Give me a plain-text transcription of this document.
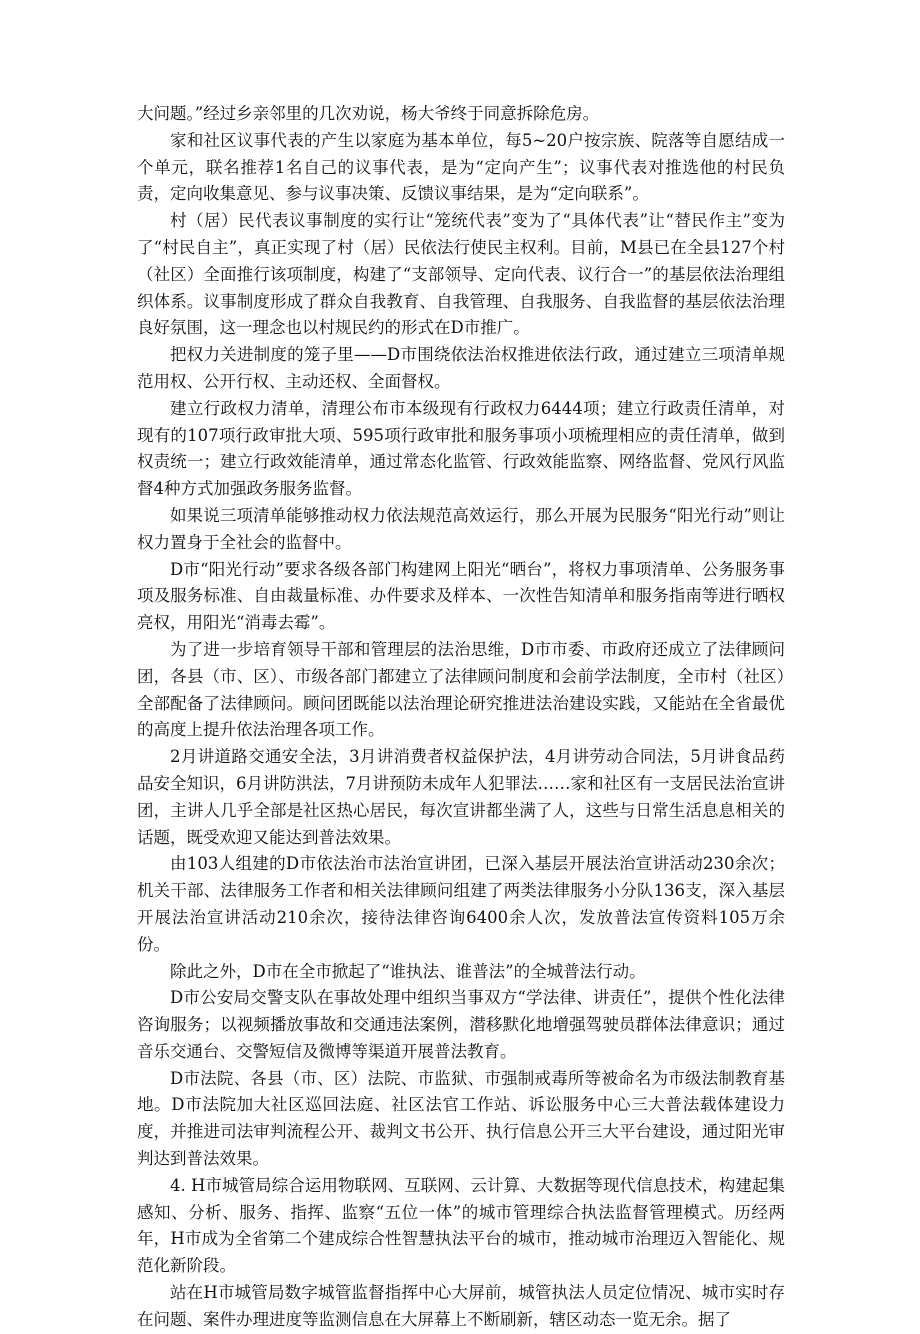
大问题。”经过乡亲邻里的几次劝说，杨大爷终于同意拆除危房。

家和社区议事代表的产生以家庭为基本单位，每5~20户按宗族、院落等自愿结成一个单元，联名推荐1名自己的议事代表，是为“定向产生”；议事代表对推选他的村民负责，定向收集意见、参与议事决策、反馈议事结果，是为“定向联系”。

村（居）民代表议事制度的实行让“笼统代表”变为了“具体代表”让“替民作主”变为了“村民自主”，真正实现了村（居）民依法行使民主权利。目前，M县已在全县127个村（社区）全面推行该项制度，构建了“支部领导、定向代表、议行合一”的基层依法治理组织体系。议事制度形成了群众自我教育、自我管理、自我服务、自我监督的基层依法治理良好氛围，这一理念也以村规民约的形式在D市推广。

把权力关进制度的笼子里——D市围绕依法治权推进依法行政，通过建立三项清单规范用权、公开行权、主动还权、全面督权。

建立行政权力清单，清理公布市本级现有行政权力6444项；建立行政责任清单，对现有的107项行政审批大项、595项行政审批和服务事项小项梳理相应的责任清单，做到权责统一；建立行政效能清单，通过常态化监管、行政效能监察、网络监督、党风行风监督4种方式加强政务服务监督。

如果说三项清单能够推动权力依法规范高效运行，那么开展为民服务“阳光行动”则让权力置身于全社会的监督中。

D市“阳光行动”要求各级各部门构建网上阳光“晒台”，将权力事项清单、公务服务事项及服务标准、自由裁量标准、办件要求及样本、一次性告知清单和服务指南等进行晒权亮权，用阳光“消毒去霉”。

为了进一步培育领导干部和管理层的法治思维，D市市委、市政府还成立了法律顾问团，各县（市、区）、市级各部门都建立了法律顾问制度和会前学法制度，全市村（社区）全部配备了法律顾问。顾问团既能以法治理论研究推进法治建设实践，又能站在全省最优的高度上提升依法治理各项工作。

2月讲道路交通安全法，3月讲消费者权益保护法，4月讲劳动合同法，5月讲食品药品安全知识，6月讲防洪法，7月讲预防未成年人犯罪法……家和社区有一支居民法治宣讲团，主讲人几乎全部是社区热心居民，每次宣讲都坐满了人，这些与日常生活息息相关的话题，既受欢迎又能达到普法效果。

由103人组建的D市依法治市法治宣讲团，已深入基层开展法治宣讲活动230余次；机关干部、法律服务工作者和相关法律顾问组建了两类法律服务小分队136支，深入基层开展法治宣讲活动210余次，接待法律咨询6400余人次，发放普法宣传资料105万余份。

除此之外，D市在全市掀起了“谁执法、谁普法”的全城普法行动。

D市公安局交警支队在事故处理中组织当事双方“学法律、讲责任”，提供个性化法律咨询服务；以视频播放事故和交通违法案例，潜移默化地增强驾驶员群体法律意识；通过音乐交通台、交警短信及微博等渠道开展普法教育。

D市法院、各县（市、区）法院、市监狱、市强制戒毒所等被命名为市级法制教育基地。D市法院加大社区巡回法庭、社区法官工作站、诉讼服务中心三大普法载体建设力度，并推进司法审判流程公开、裁判文书公开、执行信息公开三大平台建设，通过阳光审判达到普法效果。

4. H市城管局综合运用物联网、互联网、云计算、大数据等现代信息技术，构建起集感知、分析、服务、指挥、监察“五位一体”的城市管理综合执法监督管理模式。历经两年，H市成为全省第二个建成综合性智慧执法平台的城市，推动城市治理迈入智能化、规范化新阶段。

站在H市城管局数字城管监督指挥中心大屏前，城管执法人员定位情况、城市实时存在问题、案件办理进度等监测信息在大屏幕上不断刷新，辖区动态一览无余。据了
